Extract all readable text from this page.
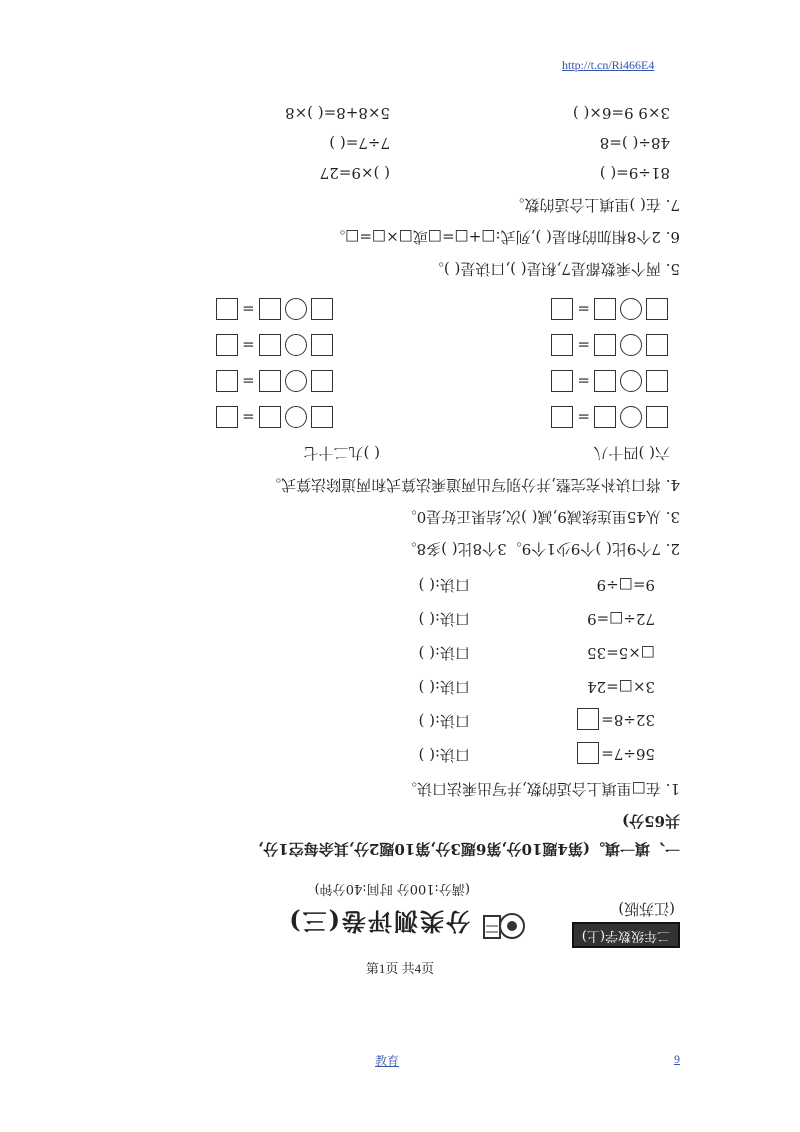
http://t.cn/Ri466E4
二年级数学(上)
(江苏版)
分类测评卷(三)
(满分:100分 时间:40分钟)
一、填一填。(第4题10分,第6题3分,第10题2分,其余每空1分,
共65分)
1. 在□里填上合适的数,并写出乘法口诀。
56÷7=
口诀:( )
32÷8=
口诀:( )
3×□=24
口诀:( )
□×5=35
口诀:( )
72÷□=9
口诀:( )
9=□÷9
口诀:( )
2. 7个9比( )个9少1个9。3个8比( )多8。
3. 从45里连续减9,减( )次,结果正好是0。
4. 将口诀补充完整,并分别写出两道乘法算式和两道除法算式。
六( )四十八
( )九二十七
= =
= =
= =
= =
5. 两个乘数都是7,积是( ),口诀是( )。
6. 2个8相加的和是( ),列式:□+□=□或□×□=□。
7. 在( )里填上合适的数。
81÷9=( )
( )×9=27
48÷( )=8
7÷7=( )
3×9 9=6×( )
5×8+8=( )×8
第1页 共4页
教育	9
